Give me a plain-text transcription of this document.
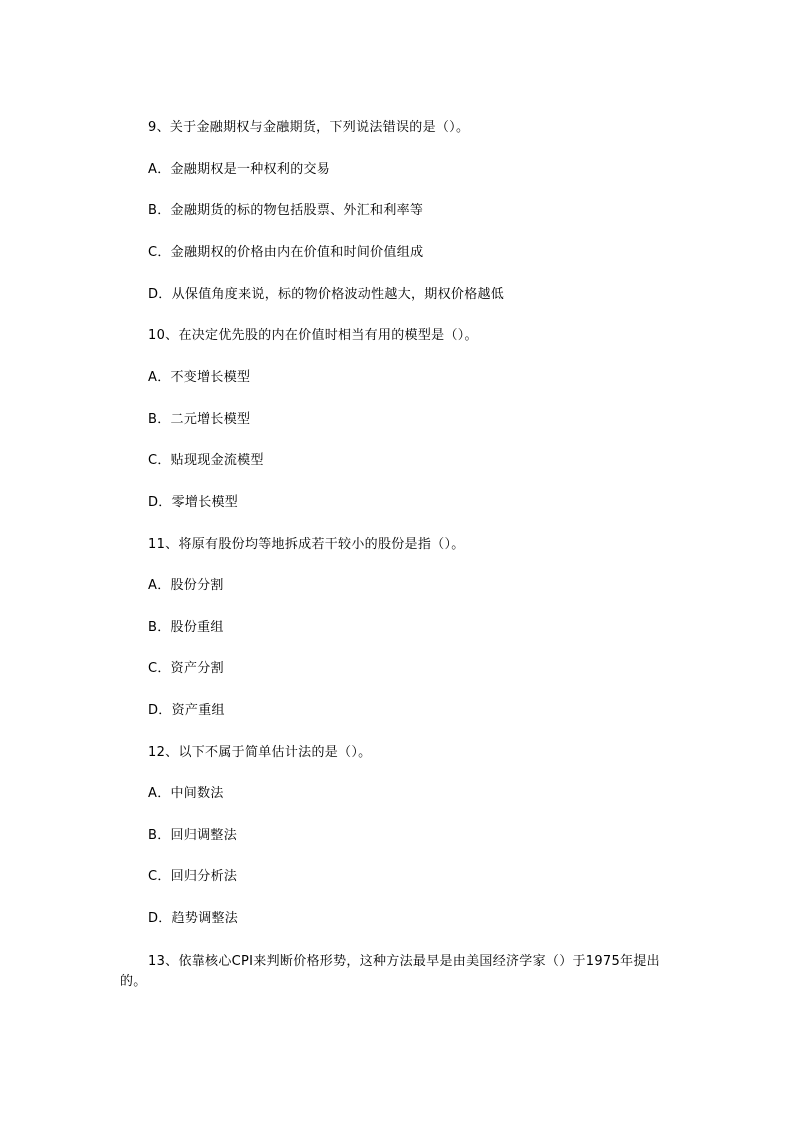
9、关于金融期权与金融期货，下列说法错误的是（）。
A．金融期权是一种权利的交易
B．金融期货的标的物包括股票、外汇和利率等
C．金融期权的价格由内在价值和时间价值组成
D．从保值角度来说，标的物价格波动性越大，期权价格越低
10、在决定优先股的内在价值时相当有用的模型是（）。
A．不变增长模型
B．二元增长模型
C．贴现现金流模型
D．零增长模型
11、将原有股份均等地拆成若干较小的股份是指（）。
A．股份分割
B．股份重组
C．资产分割
D．资产重组
12、以下不属于简单估计法的是（）。
A．中间数法
B．回归调整法
C．回归分析法
D．趋势调整法
13、依靠核心CPI来判断价格形势，这种方法最早是由美国经济学家（）于1975年提出的。
